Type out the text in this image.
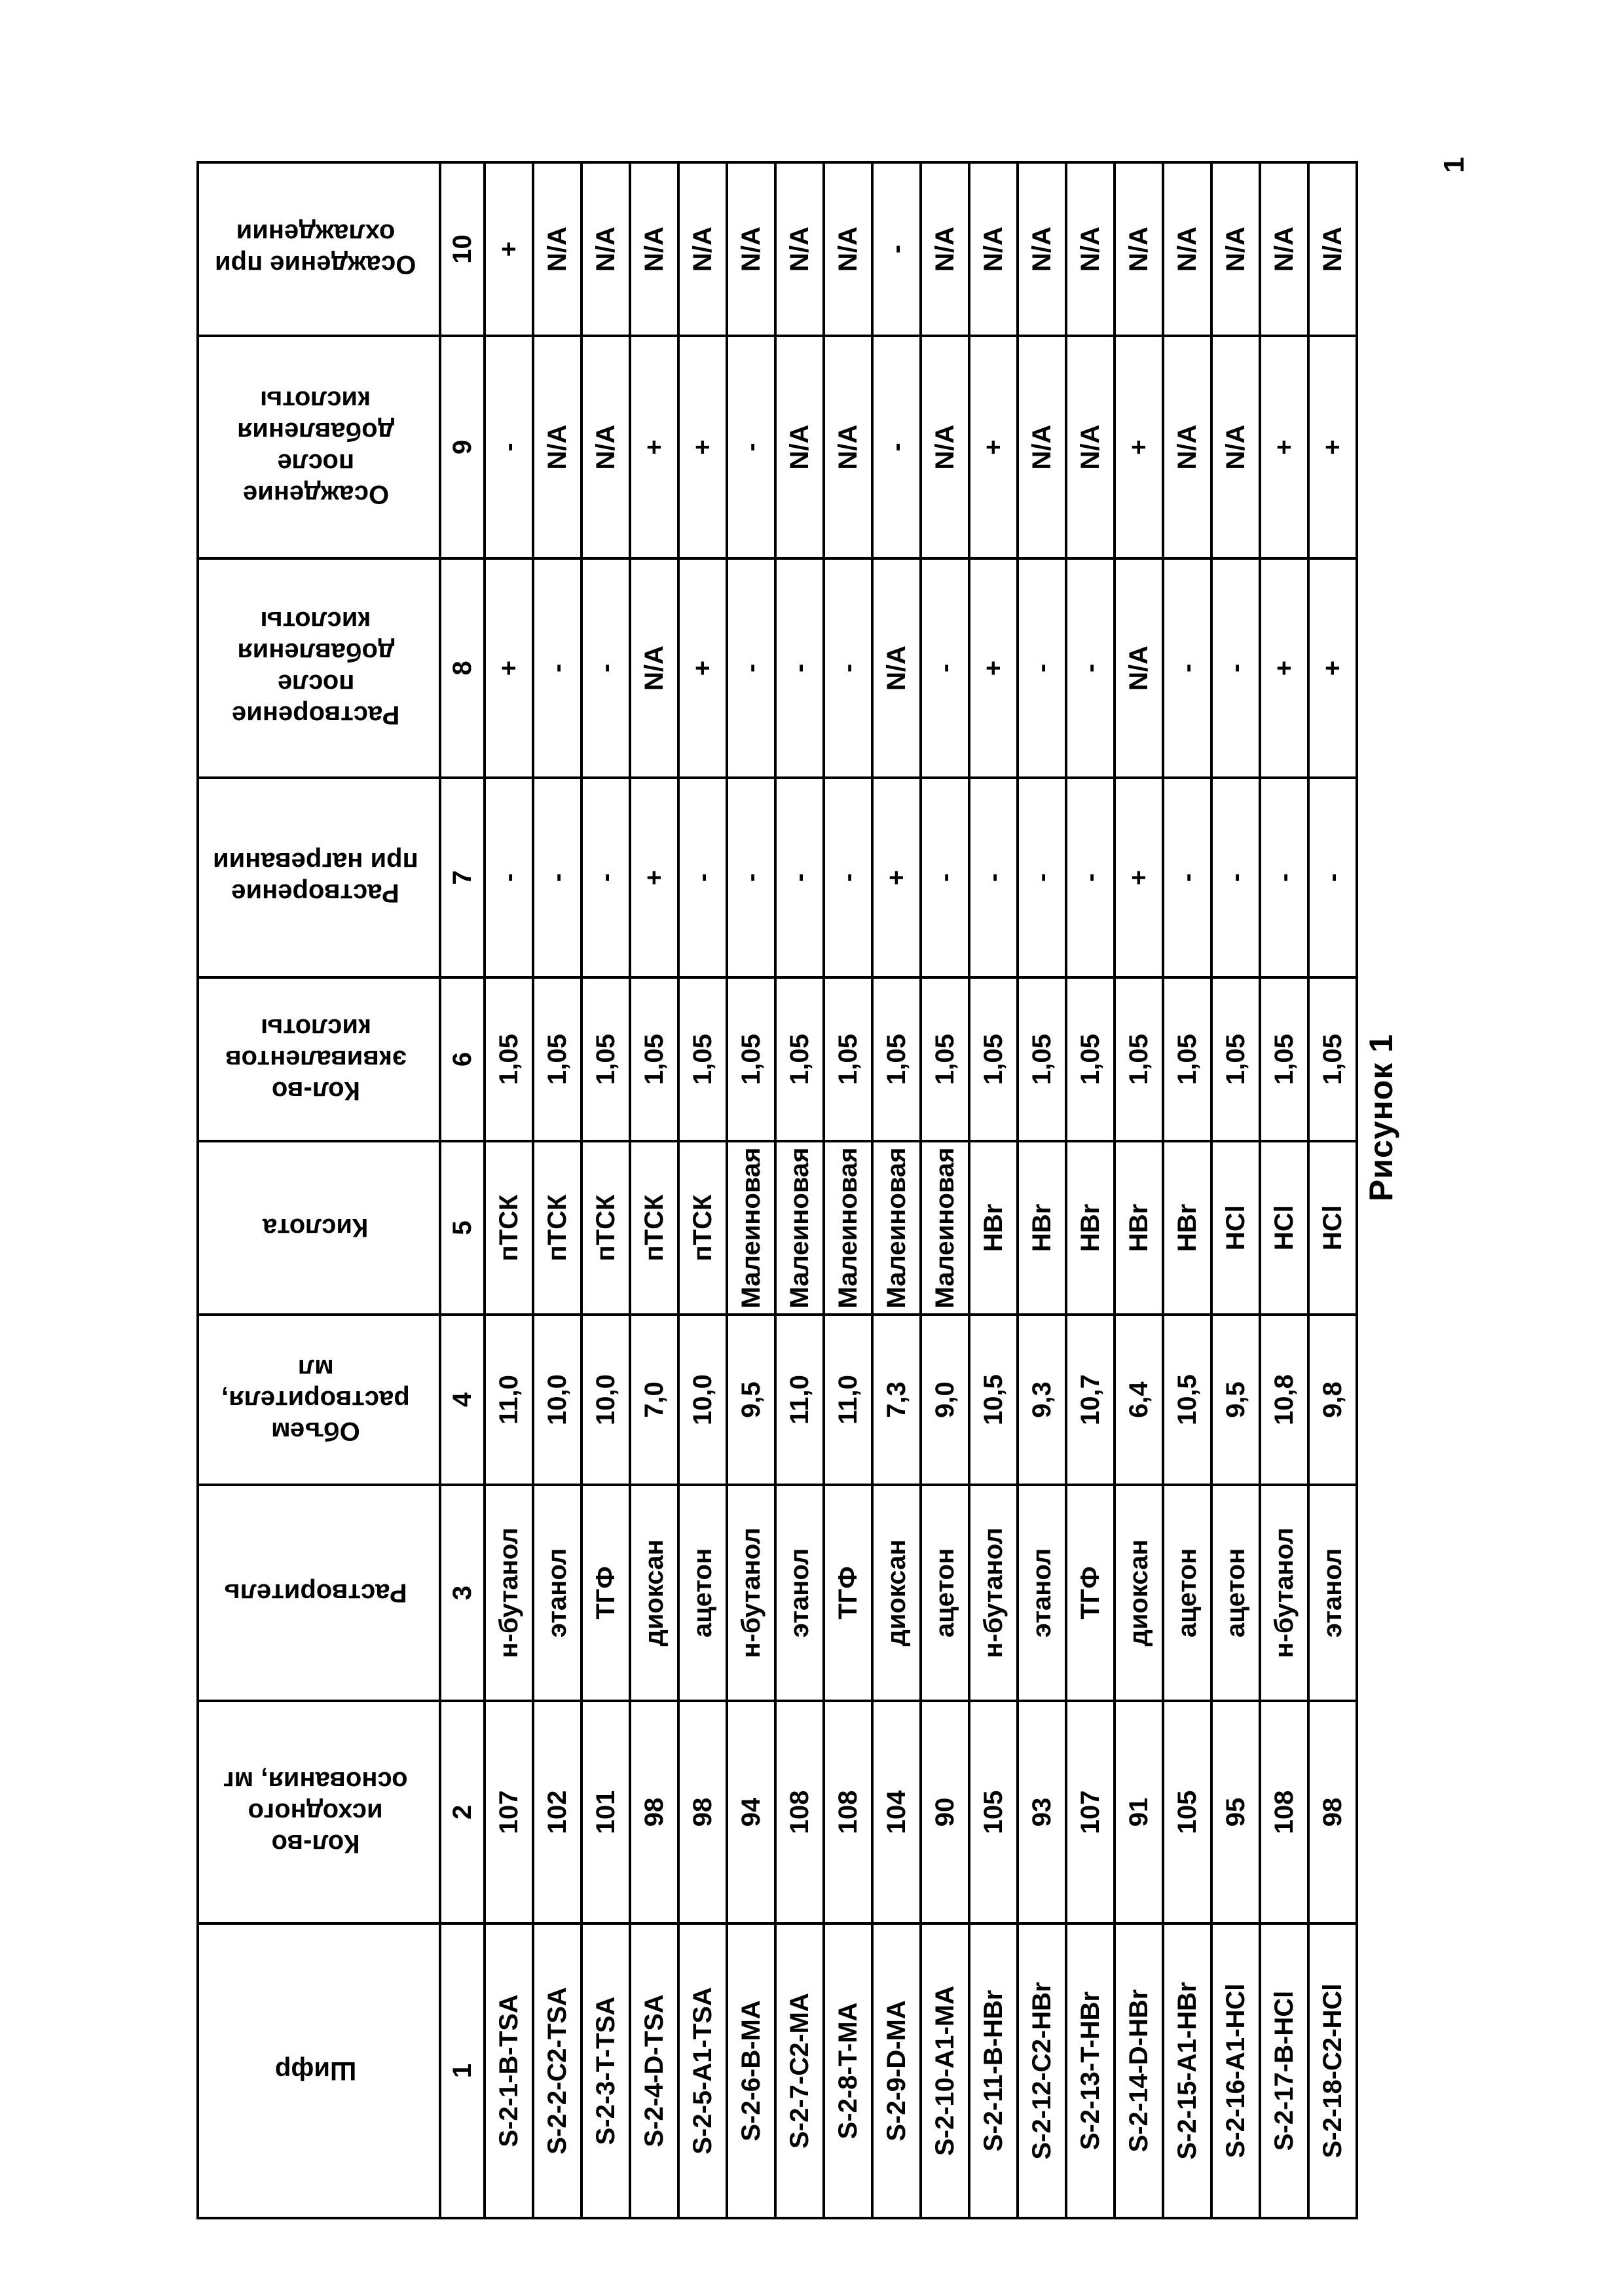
Шифр	Кол-во
исходного
основания, мг	Растворитель	Объем
растворителя,
мл	Кислота	Кол-во
эквивалентов
кислоты	Растворение
при нагревании	Растворение
после
добавления
кислоты	Осаждение
после
добавления
кислоты	Осаждение при
охлаждении
1	2	3	4	5	6	7	8	9	10
S-2-1-B-TSA	107	н-бутанол	11,0	пТСК	1,05	-	+	-	+
S-2-2-C2-TSA	102	этанол	10,0	пТСК	1,05	-	-	N/A	N/A
S-2-3-T-TSA	101	ТГФ	10,0	пТСК	1,05	-	-	N/A	N/A
S-2-4-D-TSA	98	диоксан	7,0	пТСК	1,05	+	N/A	+	N/A
S-2-5-A1-TSA	98	ацетон	10,0	пТСК	1,05	-	+	+	N/A
S-2-6-B-MA	94	н-бутанол	9,5	Малеиновая	1,05	-	-	-	N/A
S-2-7-C2-MA	108	этанол	11,0	Малеиновая	1,05	-	-	N/A	N/A
S-2-8-T-MA	108	ТГФ	11,0	Малеиновая	1,05	-	-	N/A	N/A
S-2-9-D-MA	104	диоксан	7,3	Малеиновая	1,05	+	N/A	-	-
S-2-10-A1-MA	90	ацетон	9,0	Малеиновая	1,05	-	-	N/A	N/A
S-2-11-B-HBr	105	н-бутанол	10,5	HBr	1,05	-	+	+	N/A
S-2-12-C2-HBr	93	этанол	9,3	HBr	1,05	-	-	N/A	N/A
S-2-13-T-HBr	107	ТГФ	10,7	HBr	1,05	-	-	N/A	N/A
S-2-14-D-HBr	91	диоксан	6,4	HBr	1,05	+	N/A	+	N/A
S-2-15-A1-HBr	105	ацетон	10,5	HBr	1,05	-	-	N/A	N/A
S-2-16-A1-HCl	95	ацетон	9,5	HCl	1,05	-	-	N/A	N/A
S-2-17-B-HCl	108	н-бутанол	10,8	HCl	1,05	-	+	+	N/A
S-2-18-C2-HCl	98	этанол	9,8	HCl	1,05	-	+	+	N/A
Рисунок 1
1
